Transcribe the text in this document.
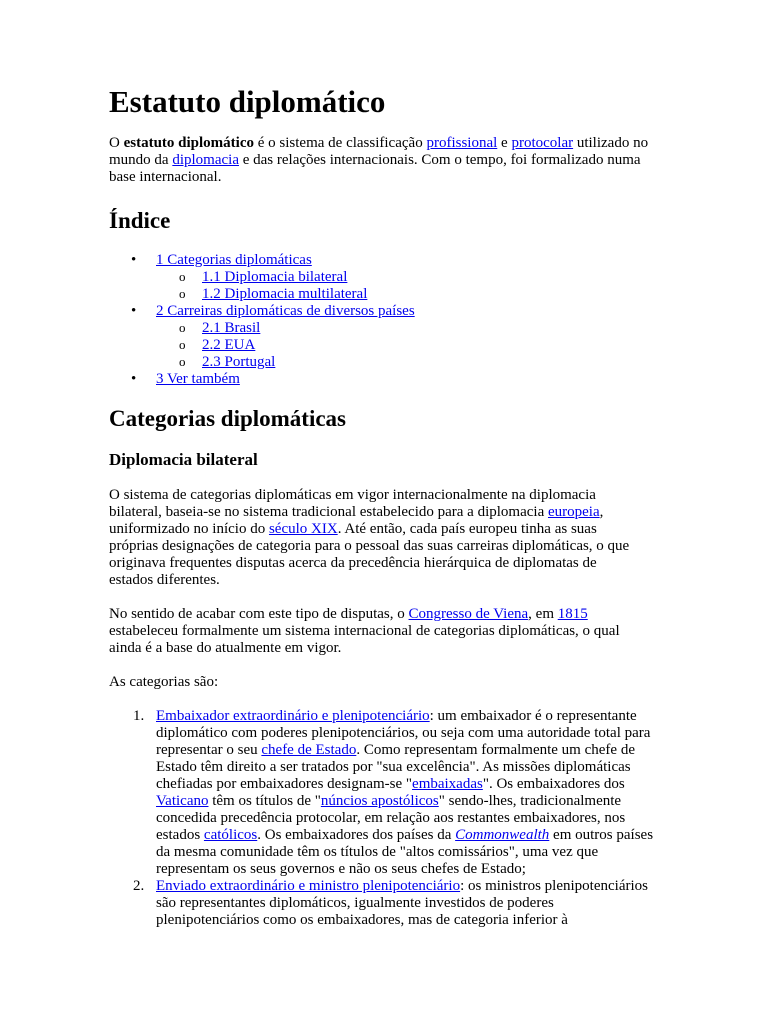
Estatuto diplomático

O estatuto diplomático é o sistema de classificação profissional e protocolar utilizado no mundo da diplomacia e das relações internacionais. Com o tempo, foi formalizado numa base internacional.

Índice
• 1 Categorias diplomáticas
o 1.1 Diplomacia bilateral
o 1.2 Diplomacia multilateral
• 2 Carreiras diplomáticas de diversos países
o 2.1 Brasil
o 2.2 EUA
o 2.3 Portugal
• 3 Ver também
Categorias diplomáticas
Diplomacia bilateral

O sistema de categorias diplomáticas em vigor internacionalmente na diplomacia bilateral, baseia-se no sistema tradicional estabelecido para a diplomacia europeia, uniformizado no início do século XIX. Até então, cada país europeu tinha as suas próprias designações de categoria para o pessoal das suas carreiras diplomáticas, o que originava frequentes disputas acerca da precedência hierárquica de diplomatas de estados diferentes.

No sentido de acabar com este tipo de disputas, o Congresso de Viena, em 1815 estabeleceu formalmente um sistema internacional de categorias diplomáticas, o qual ainda é a base do atualmente em vigor.

As categorias são:

1. Embaixador extraordinário e plenipotenciário: um embaixador é o representante diplomático com poderes plenipotenciários, ou seja com uma autoridade total para representar o seu chefe de Estado. Como representam formalmente um chefe de Estado têm direito a ser tratados por "sua excelência". As missões diplomáticas chefiadas por embaixadores designam-se "embaixadas". Os embaixadores dos Vaticano têm os títulos de "núncios apostólicos" sendo-lhes, tradicionalmente concedida precedência protocolar, em relação aos restantes embaixadores, nos estados católicos. Os embaixadores dos países da Commonwealth em outros países da mesma comunidade têm os títulos de "altos comissários", uma vez que representam os seus governos e não os seus chefes de Estado;
2. Enviado extraordinário e ministro plenipotenciário: os ministros plenipotenciários são representantes diplomáticos, igualmente investidos de poderes plenipotenciários como os embaixadores, mas de categoria inferior à
